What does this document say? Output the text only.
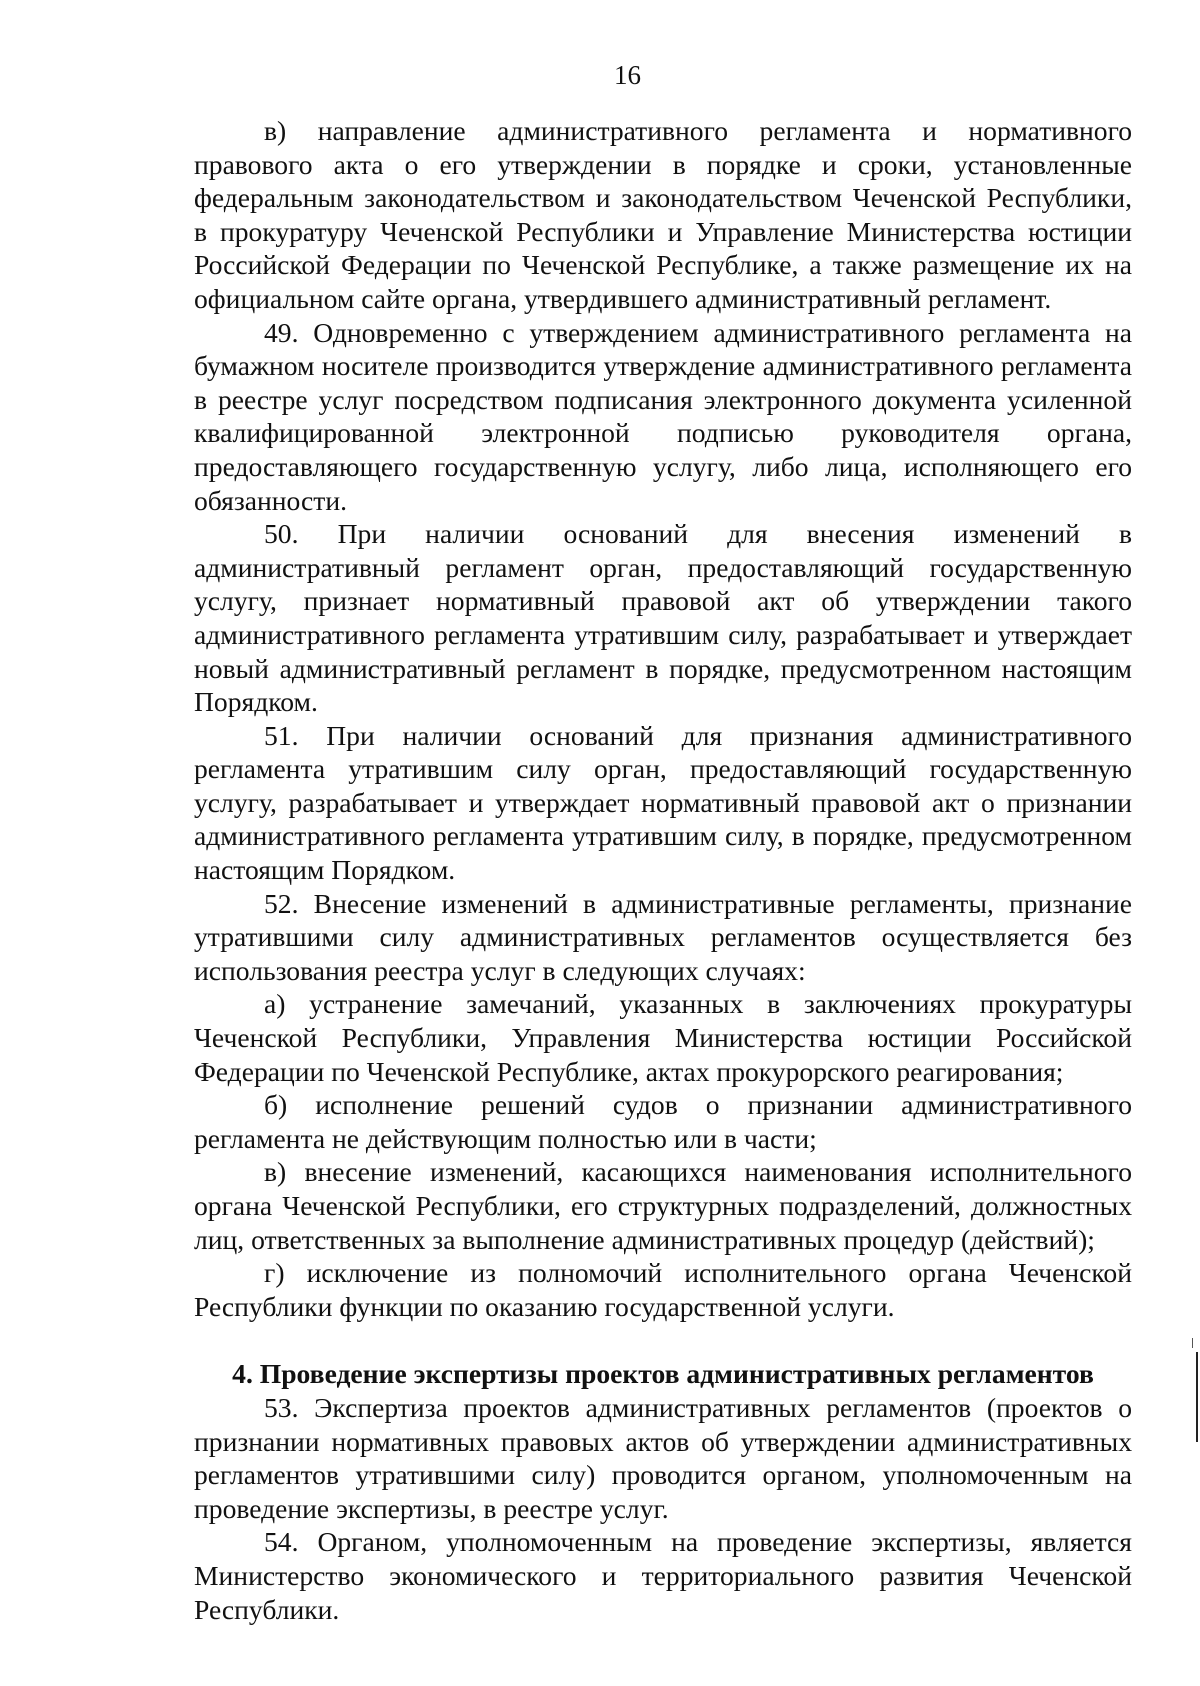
16

в) направление административного регламента и нормативного правового акта о его утверждении в порядке и сроки, установленные федеральным законодательством и законодательством Чеченской Республики, в прокуратуру Чеченской Республики и Управление Министерства юстиции Российской Федерации по Чеченской Республике, а также размещение их на официальном сайте органа, утвердившего административный регламент.

49. Одновременно с утверждением административного регламента на бумажном носителе производится утверждение административного регламента в реестре услуг посредством подписания электронного документа усиленной квалифицированной электронной подписью руководителя органа, предоставляющего государственную услугу, либо лица, исполняющего его обязанности.

50. При наличии оснований для внесения изменений в административный регламент орган, предоставляющий государственную услугу, признает нормативный правовой акт об утверждении такого административного регламента утратившим силу, разрабатывает и утверждает новый административный регламент в порядке, предусмотренном настоящим Порядком.

51. При наличии оснований для признания административного регламента утратившим силу орган, предоставляющий государственную услугу, разрабатывает и утверждает нормативный правовой акт о признании административного регламента утратившим силу, в порядке, предусмотренном настоящим Порядком.

52. Внесение изменений в административные регламенты, признание утратившими силу административных регламентов осуществляется без использования реестра услуг в следующих случаях:

а) устранение замечаний, указанных в заключениях прокуратуры Чеченской Республики, Управления Министерства юстиции Российской Федерации по Чеченской Республике, актах прокурорского реагирования;

б) исполнение решений судов о признании административного регламента не действующим полностью или в части;

в) внесение изменений, касающихся наименования исполнительного органа Чеченской Республики, его структурных подразделений, должностных лиц, ответственных за выполнение административных процедур (действий);

г) исключение из полномочий исполнительного органа Чеченской Республики функции по оказанию государственной услуги.

4. Проведение экспертизы проектов административных регламентов

53. Экспертиза проектов административных регламентов (проектов о признании нормативных правовых актов об утверждении административных регламентов утратившими силу) проводится органом, уполномоченным на проведение экспертизы, в реестре услуг.

54. Органом, уполномоченным на проведение экспертизы, является Министерство экономического и территориального развития Чеченской Республики.
